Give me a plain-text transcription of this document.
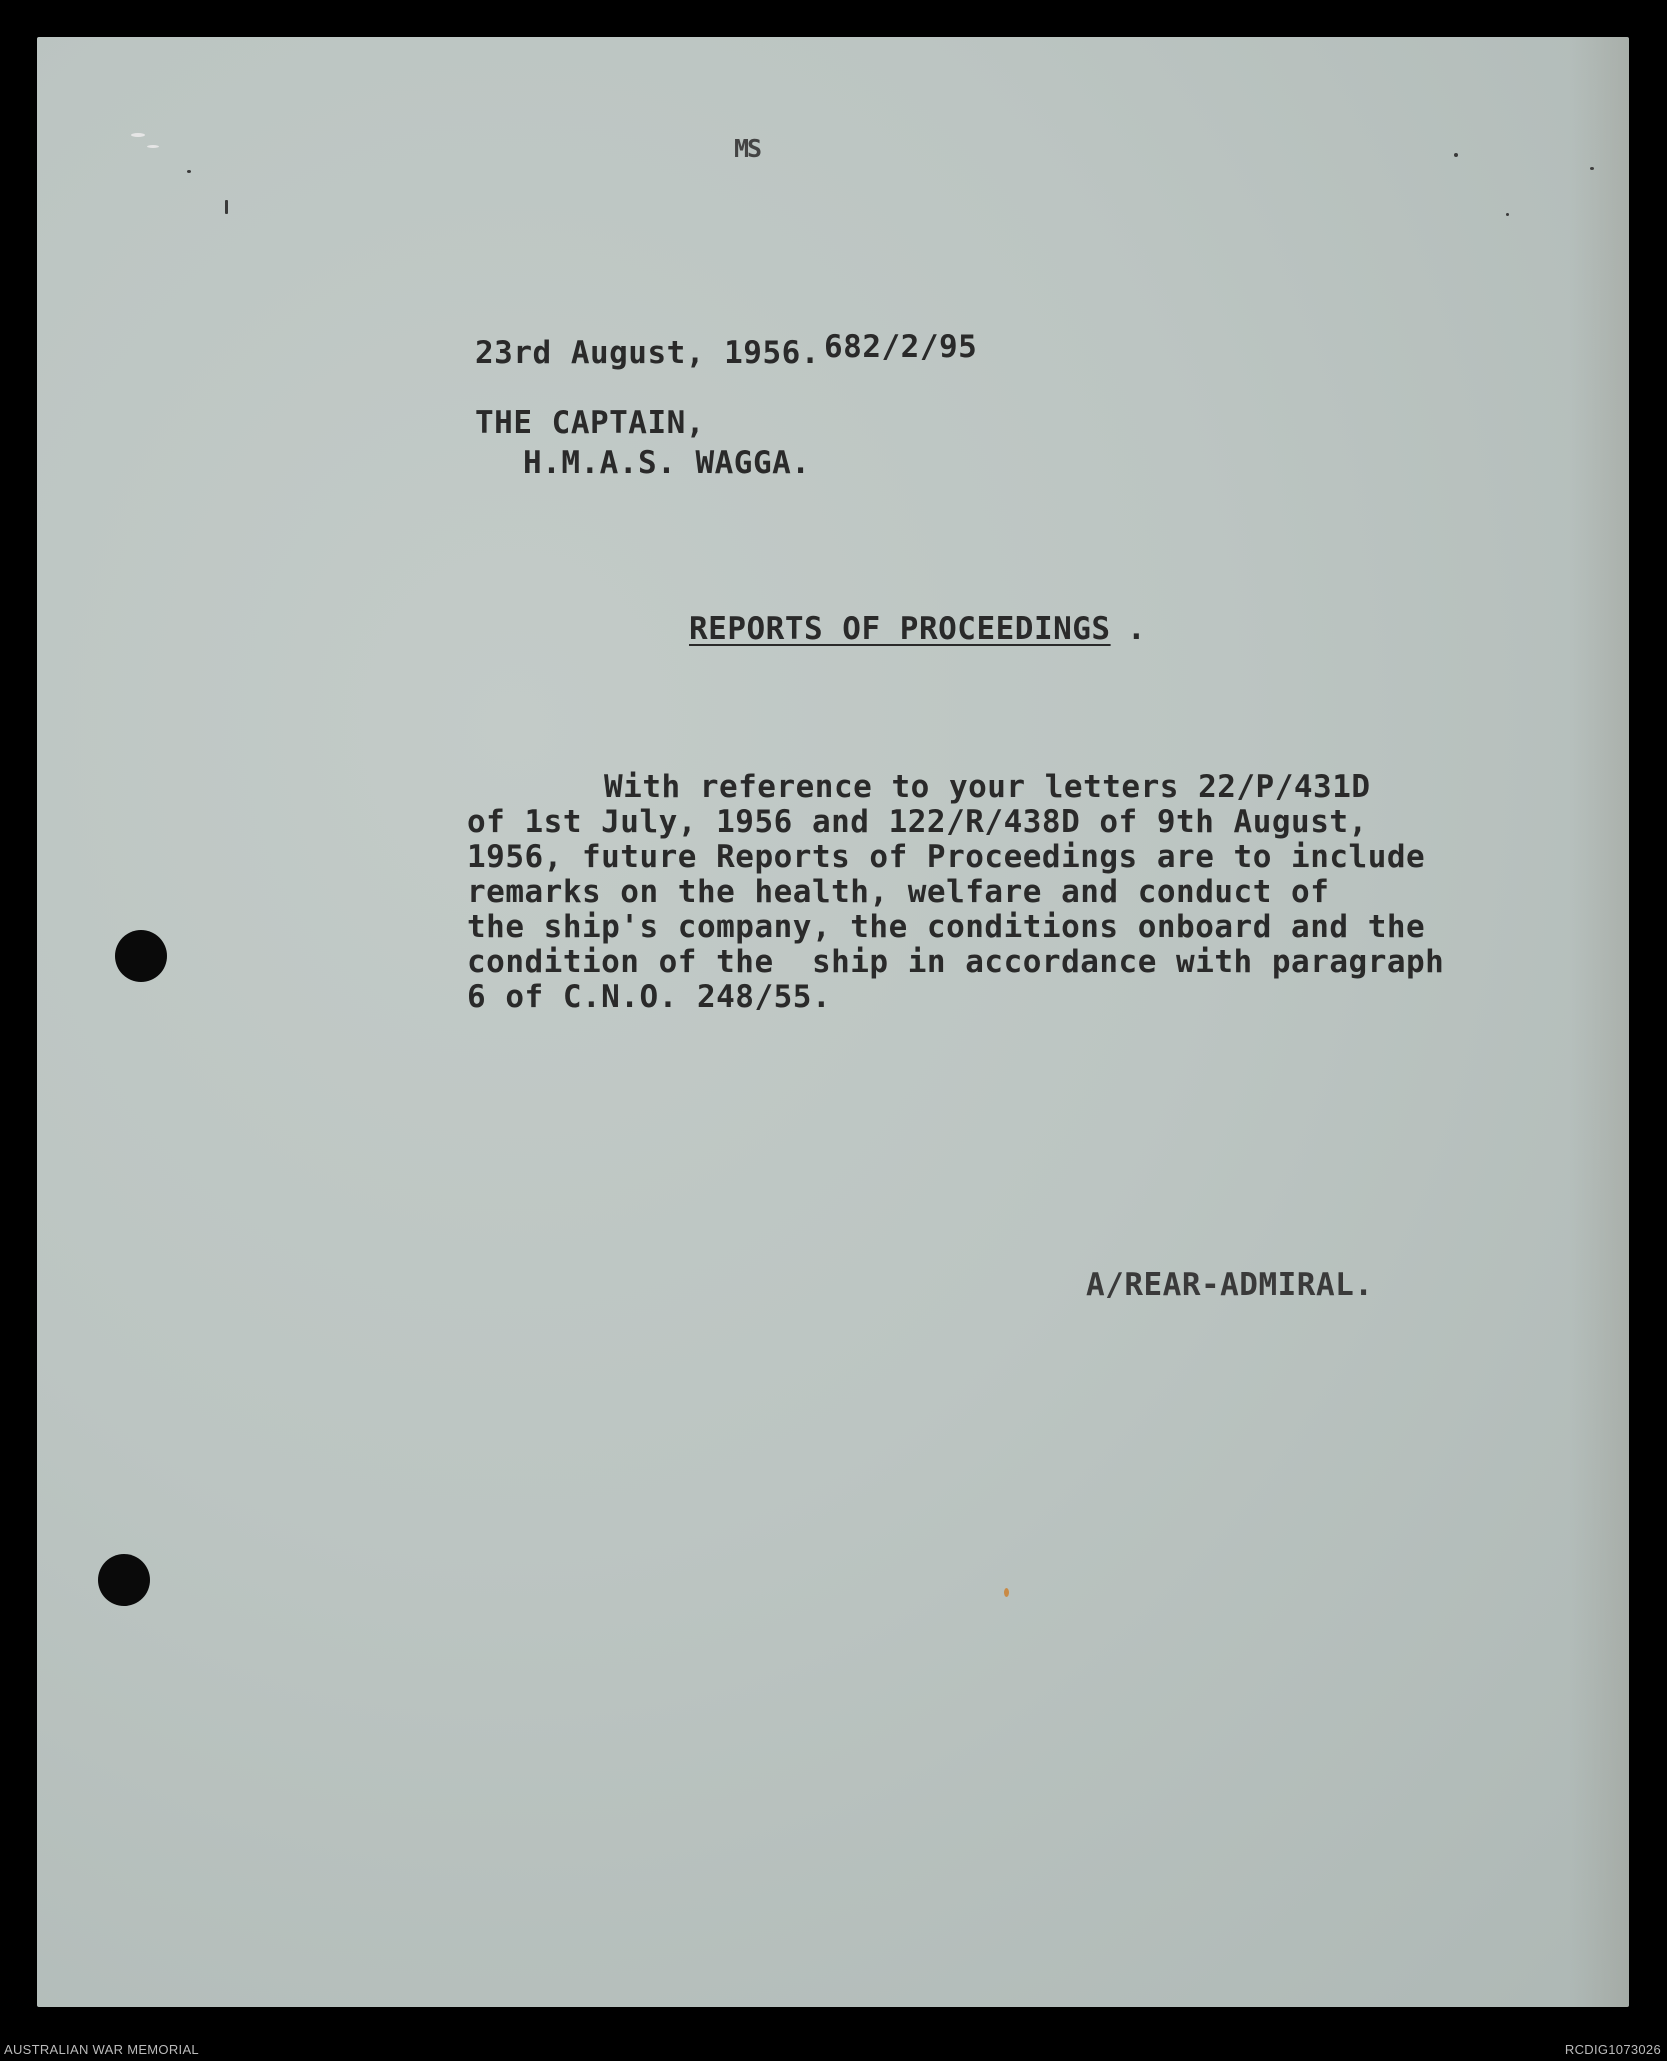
MS
23rd August, 1956. 682/2/95
THE CAPTAIN,
H.M.A.S. WAGGA.
REPORTS OF PROCEEDINGS .
With reference to your letters 22/P/431D
of 1st July, 1956 and 122/R/438D of 9th August,
1956, future Reports of Proceedings are to include
remarks on the health, welfare and conduct of
the ship's company, the conditions onboard and the
condition of the  ship in accordance with paragraph
6 of C.N.O. 248/55.
A/REAR-ADMIRAL.
AUSTRALIAN WAR MEMORIAL	RCDIG1073026
